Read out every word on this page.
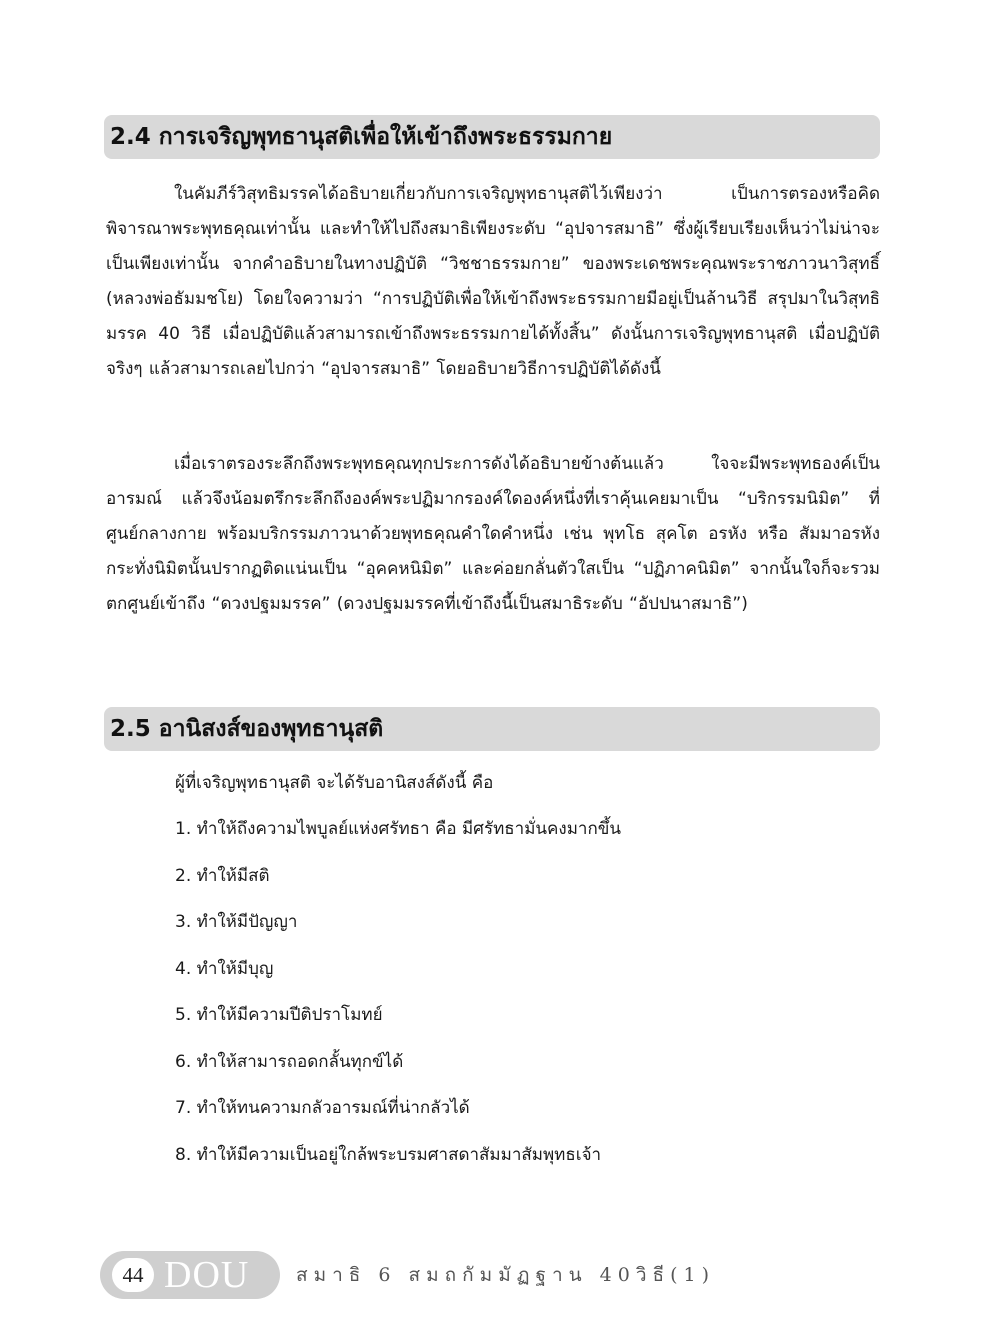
2.4 การเจริญพุทธานุสติเพื่อให้เข้าถึงพระธรรมกาย

ในคัมภีร์วิสุทธิมรรคได้อธิบายเกี่ยวกับการเจริญพุทธานุสติไว้เพียงว่า เป็นการตรองหรือคิดพิจารณาพระพุทธคุณเท่านั้น และทำให้ไปถึงสมาธิเพียงระดับ “อุปจารสมาธิ” ซึ่งผู้เรียบเรียงเห็นว่าไม่น่าจะเป็นเพียงเท่านั้น จากคำอธิบายในทางปฏิบัติ “วิชชาธรรมกาย” ของพระเดชพระคุณพระราชภาวนาวิสุทธิ์ (หลวงพ่อธัมมชโย) โดยใจความว่า “การปฏิบัติเพื่อให้เข้าถึงพระธรรมกายมีอยู่เป็นล้านวิธี สรุปมาในวิสุทธิมรรค 40 วิธี เมื่อปฏิบัติแล้วสามารถเข้าถึงพระธรรมกายได้ทั้งสิ้น” ดังนั้นการเจริญพุทธานุสติ เมื่อปฏิบัติจริงๆ แล้วสามารถเลยไปกว่า “อุปจารสมาธิ” โดยอธิบายวิธีการปฏิบัติได้ดังนี้

เมื่อเราตรองระลึกถึงพระพุทธคุณทุกประการดังได้อธิบายข้างต้นแล้ว ใจจะมีพระพุทธองค์เป็นอารมณ์ แล้วจึงน้อมตรึกระลึกถึงองค์พระปฏิมากรองค์ใดองค์หนึ่งที่เราคุ้นเคยมาเป็น “บริกรรมนิมิต” ที่ศูนย์กลางกาย พร้อมบริกรรมภาวนาด้วยพุทธคุณคำใดคำหนึ่ง เช่น พุทโธ สุคโต อรหัง หรือ สัมมาอรหัง กระทั่งนิมิตนั้นปรากฏติดแน่นเป็น “อุคคหนิมิต” และค่อยกลั่นตัวใสเป็น “ปฏิภาคนิมิต” จากนั้นใจก็จะรวมตกศูนย์เข้าถึง “ดวงปฐมมรรค” (ดวงปฐมมรรคที่เข้าถึงนี้เป็นสมาธิระดับ “อัปปนาสมาธิ”)

2.5 อานิสงส์ของพุทธานุสติ

ผู้ที่เจริญพุทธานุสติ จะได้รับอานิสงส์ดังนี้ คือ

1. ทำให้ถึงความไพบูลย์แห่งศรัทธา คือ มีศรัทธามั่นคงมากขึ้น
2. ทำให้มีสติ
3. ทำให้มีปัญญา
4. ทำให้มีบุญ
5. ทำให้มีความปีติปราโมทย์
6. ทำให้สามารถอดกลั้นทุกข์ได้
7. ทำให้ทนความกลัวอารมณ์ที่น่ากลัวได้
8. ทำให้มีความเป็นอยู่ใกล้พระบรมศาสดาสัมมาสัมพุทธเจ้า
44 DOU สมาธิ 6 สมถกัมมัฏฐาน 40วิธี(1)
